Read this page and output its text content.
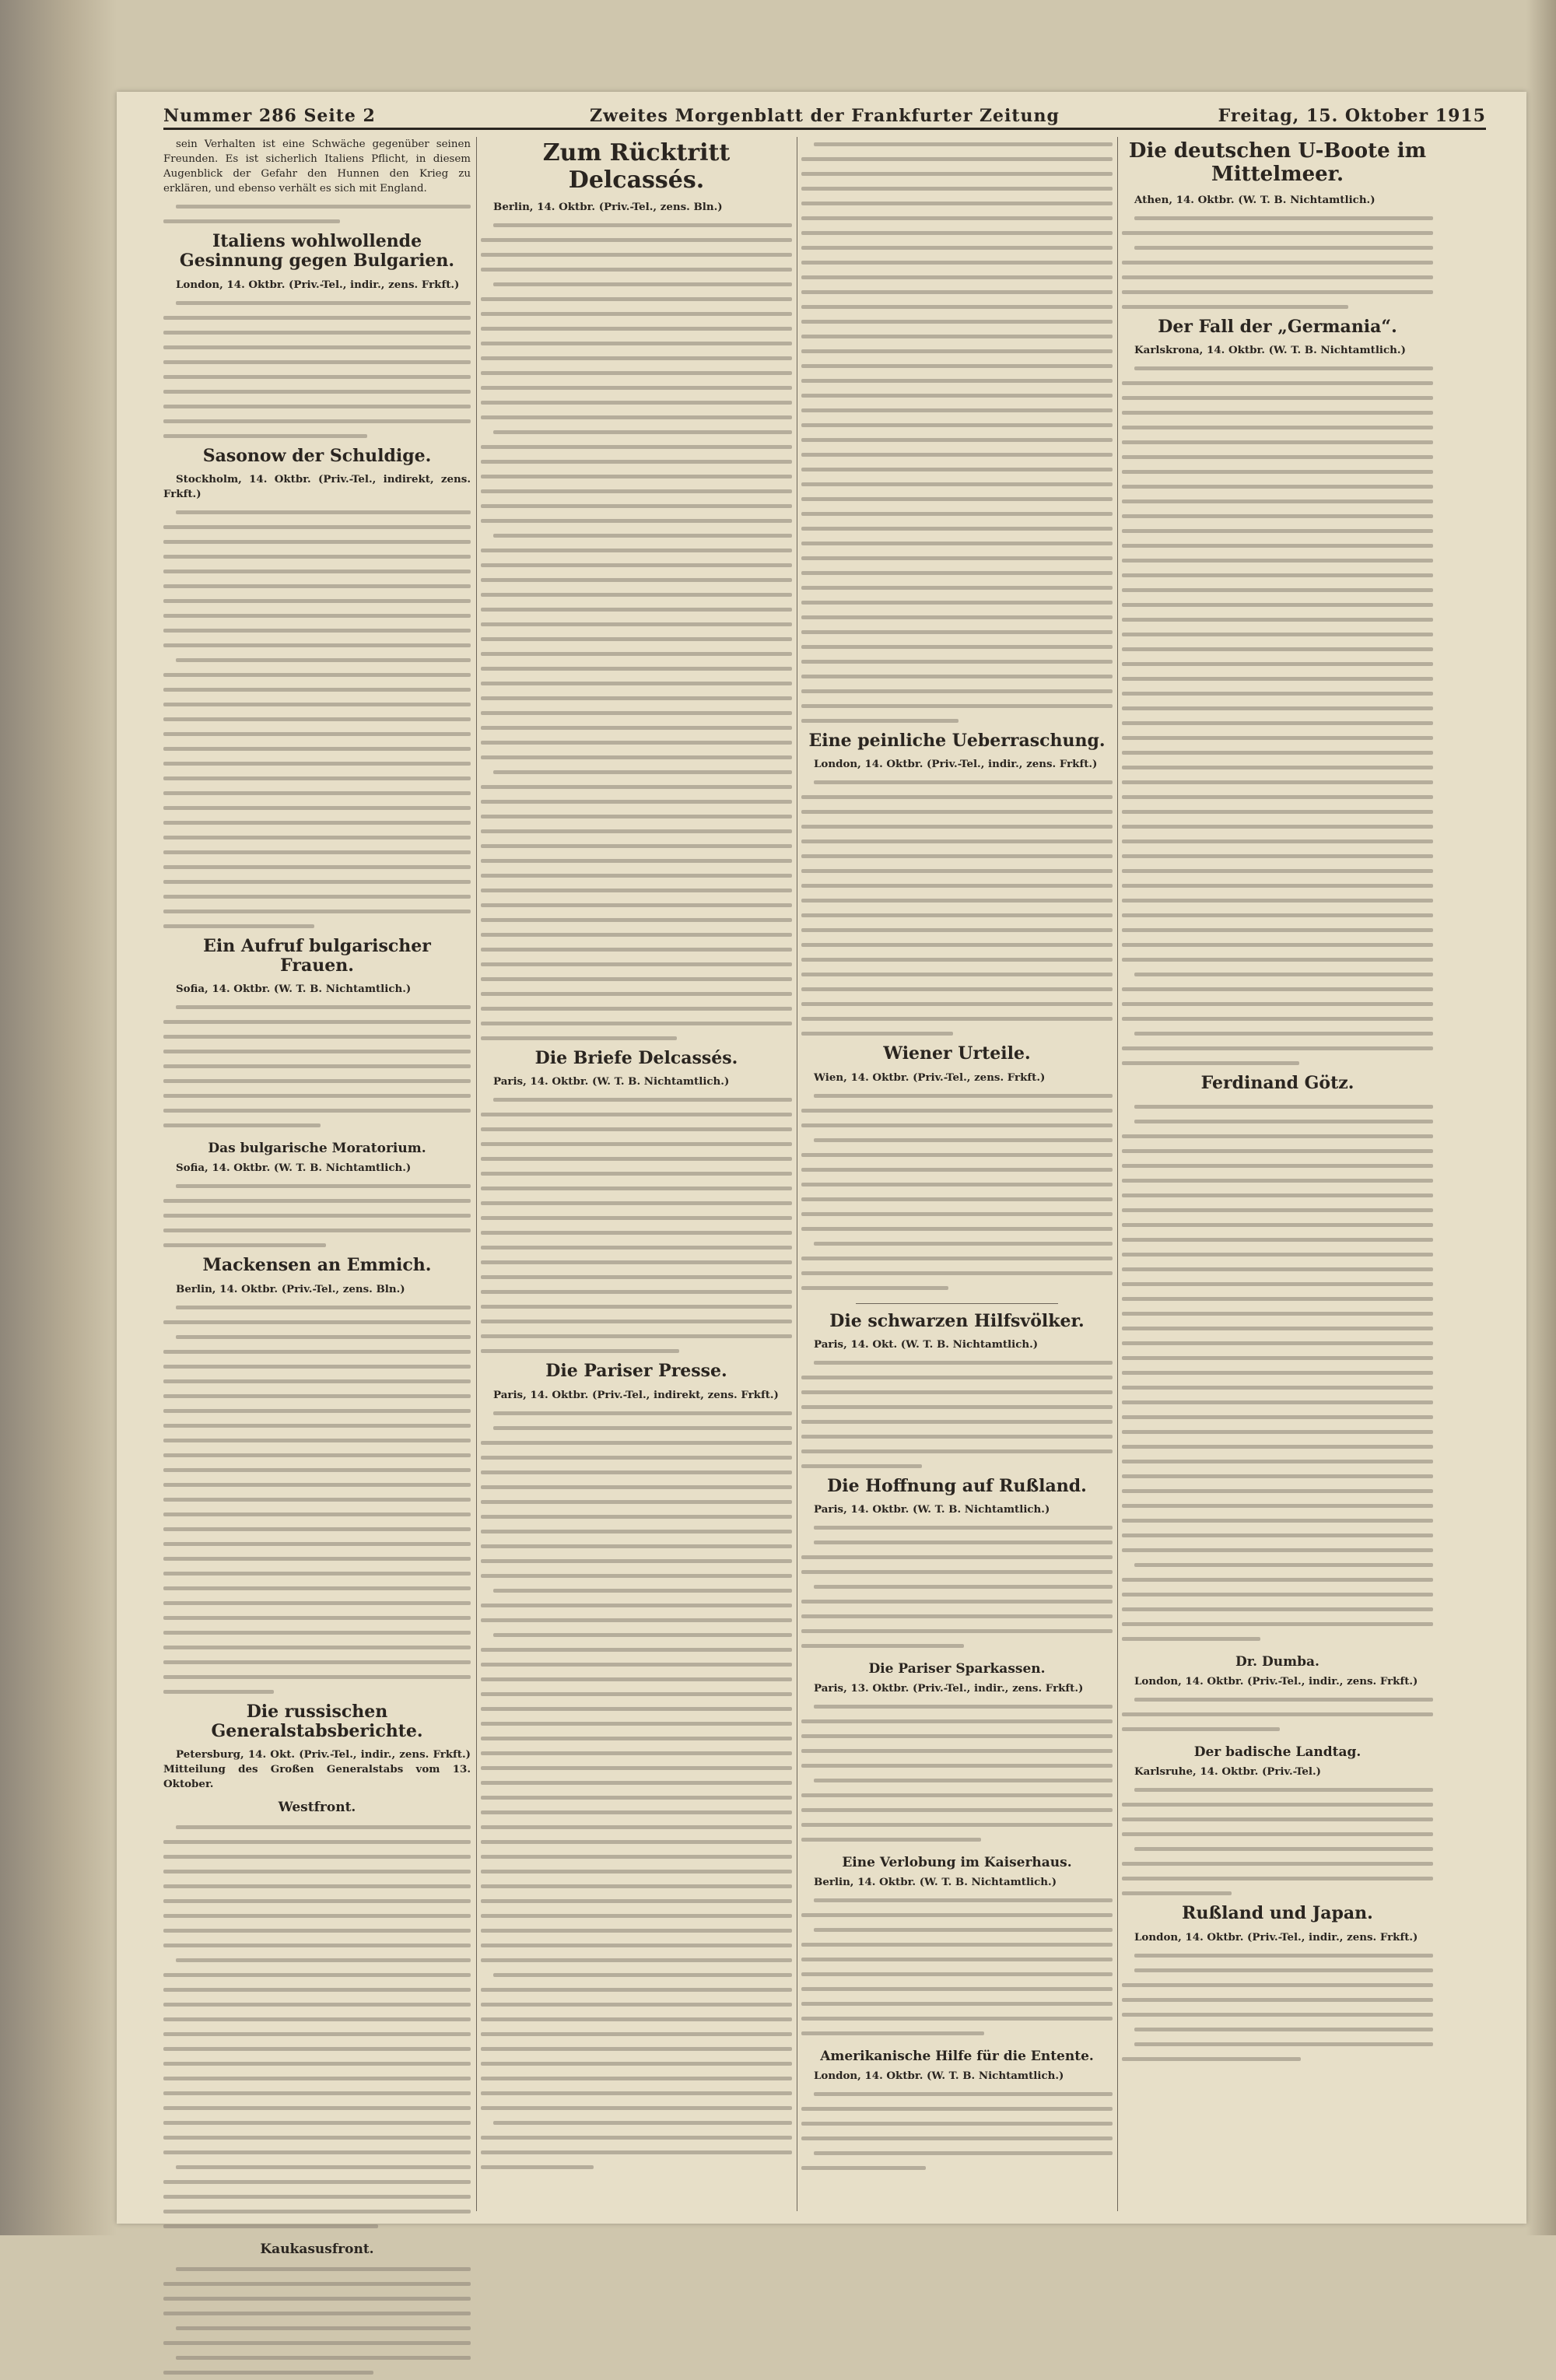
Nummer 286 Seite 2	Zweites Morgenblatt der Frankfurter Zeitung	Freitag, 15. Oktober 1915

sein Verhalten ist eine Schwäche gegenüber seinen Freunden. Es ist sicherlich Italiens Pflicht, in diesem Augenblick der Gefahr den Hunnen den Krieg zu erklären, und ebenso verhält es sich mit England.

Italiens wohlwollende Gesinnung gegen Bulgarien.

London, 14. Oktbr. (Priv.-Tel., indir., zens. Frkft.)

Sasonow der Schuldige.

Stockholm, 14. Oktbr. (Priv.-Tel., indirekt, zens. Frkft.)

Ein Aufruf bulgarischer Frauen.

Sofia, 14. Oktbr. (W. T. B. Nichtamtlich.)

Das bulgarische Moratorium.

Sofia, 14. Oktbr. (W. T. B. Nichtamtlich.)

Mackensen an Emmich.

Berlin, 14. Oktbr. (Priv.-Tel., zens. Bln.)

Die russischen Generalstabsberichte.

Petersburg, 14. Okt. (Priv.-Tel., indir., zens. Frkft.) Mitteilung des Großen Generalstabs vom 13. Oktober.

Westfront.
Kaukasusfront.
Zum Rücktritt Delcassés.

Berlin, 14. Oktbr. (Priv.-Tel., zens. Bln.)

Die Briefe Delcassés.

Paris, 14. Oktbr. (W. T. B. Nichtamtlich.)

Die Pariser Presse.

Paris, 14. Oktbr. (Priv.-Tel., indirekt, zens. Frkft.)

Eine peinliche Ueberraschung.

London, 14. Oktbr. (Priv.-Tel., indir., zens. Frkft.)

Wiener Urteile.

Wien, 14. Oktbr. (Priv.-Tel., zens. Frkft.)

Die schwarzen Hilfsvölker.

Paris, 14. Okt. (W. T. B. Nichtamtlich.)

Die Hoffnung auf Rußland.

Paris, 14. Oktbr. (W. T. B. Nichtamtlich.)

Die Pariser Sparkassen.

Paris, 13. Oktbr. (Priv.-Tel., indir., zens. Frkft.)

Eine Verlobung im Kaiserhaus.

Berlin, 14. Oktbr. (W. T. B. Nichtamtlich.)

Amerikanische Hilfe für die Entente.

London, 14. Oktbr. (W. T. B. Nichtamtlich.)

Die deutschen U-Boote im Mittelmeer.

Athen, 14. Oktbr. (W. T. B. Nichtamtlich.)

Der Fall der „Germania“.

Karlskrona, 14. Oktbr. (W. T. B. Nichtamtlich.)

Ferdinand Götz.
Dr. Dumba.

London, 14. Oktbr. (Priv.-Tel., indir., zens. Frkft.)

Der badische Landtag.

Karlsruhe, 14. Oktbr. (Priv.-Tel.)

Rußland und Japan.

London, 14. Oktbr. (Priv.-Tel., indir., zens. Frkft.)
